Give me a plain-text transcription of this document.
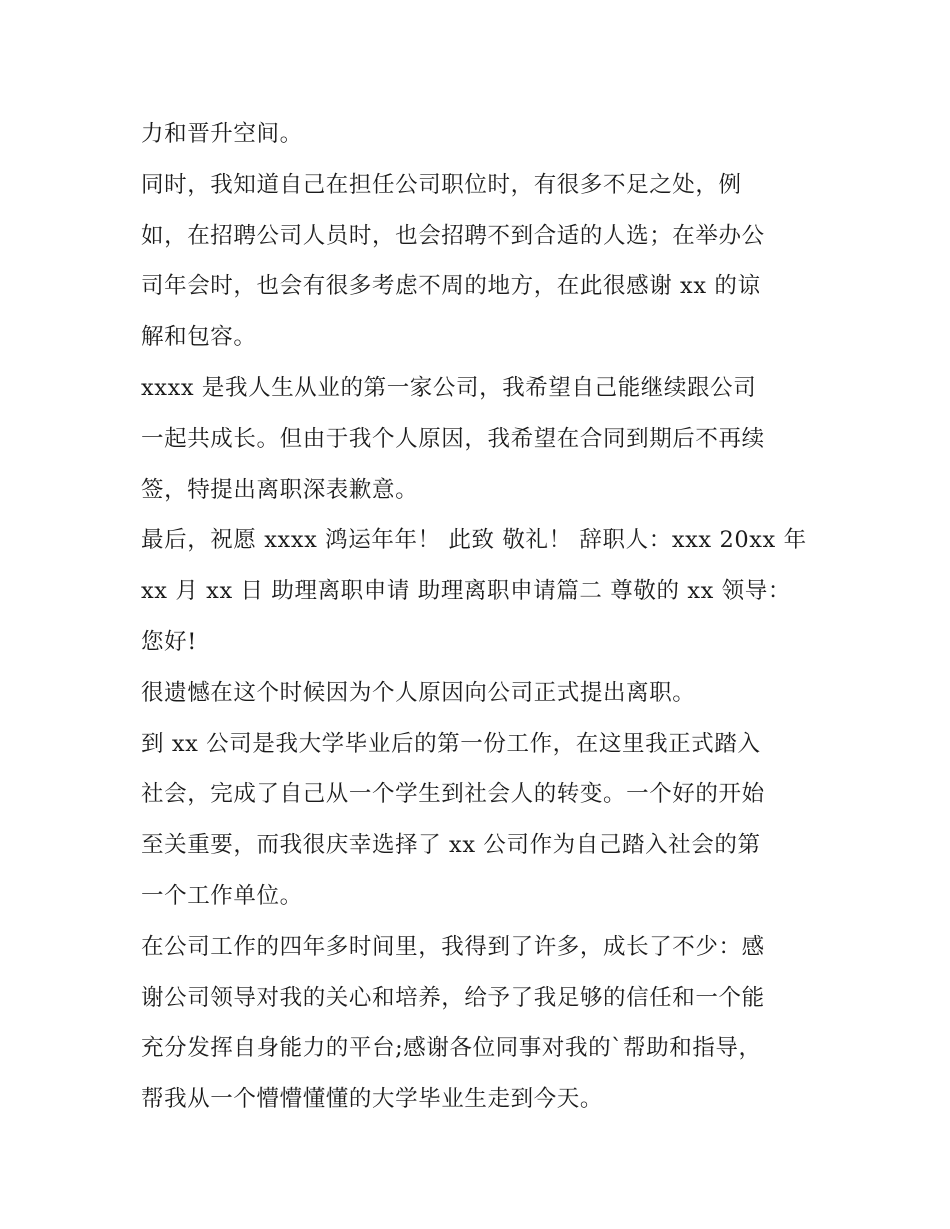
力和晋升空间。
同时，我知道自己在担任公司职位时，有很多不足之处，例
如，在招聘公司人员时，也会招聘不到合适的人选；在举办公
司年会时，也会有很多考虑不周的地方，在此很感谢 xx 的谅
解和包容。
xxxx 是我人生从业的第一家公司，我希望自己能继续跟公司
一起共成长。但由于我个人原因，我希望在合同到期后不再续
签，特提出离职深表歉意。
最后，祝愿 xxxx 鸿运年年！ 此致 敬礼！ 辞职人：xxx 20xx 年
xx 月 xx 日 助理离职申请 助理离职申请篇二 尊敬的 xx 领导：
您好!
很遗憾在这个时候因为个人原因向公司正式提出离职。
到 xx 公司是我大学毕业后的第一份工作，在这里我正式踏入
社会，完成了自己从一个学生到社会人的转变。一个好的开始
至关重要，而我很庆幸选择了 xx 公司作为自己踏入社会的第
一个工作单位。
在公司工作的四年多时间里，我得到了许多，成长了不少：感
谢公司领导对我的关心和培养，给予了我足够的信任和一个能
充分发挥自身能力的平台;感谢各位同事对我的`帮助和指导，
帮我从一个懵懵懂懂的大学毕业生走到今天。
